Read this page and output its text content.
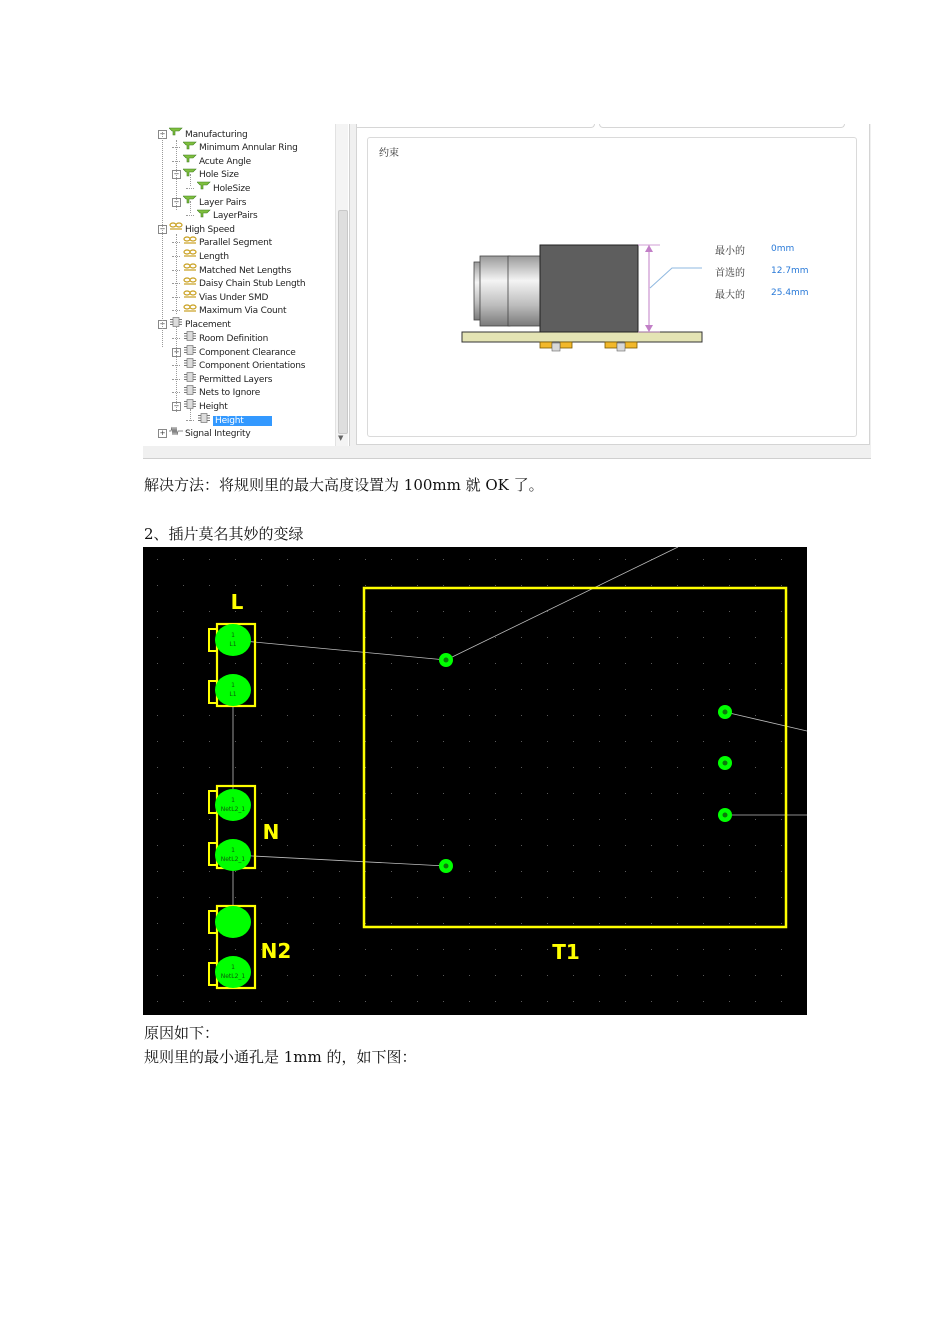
− Manufacturing
Minimum Annular Ring
Acute Angle
− Hole Size
HoleSize
− Layer Pairs
LayerPairs
− High Speed
Parallel Segment
Length
Matched Net Lengths
Daisy Chain Stub Length
Vias Under SMD
Maximum Via Count
− Placement
Room Definition
+ Component Clearance
Component Orientations
Permitted Layers
Nets to Ignore
− Height
Height
+ Signal Integrity	▼
约束
最小的	0mm
首选的	12.7mm
最大的	25.4mm
解决方法：将规则里的最大高度设置为 100mm 就 OK 了。
2、插片莫名其妙的变绿
1
L1
1
L1
1
NetL2_1
1
NetL2_1
1
NetL2_1
L
N
N2	T1
原因如下：
规则里的最小通孔是 1mm 的，如下图：
